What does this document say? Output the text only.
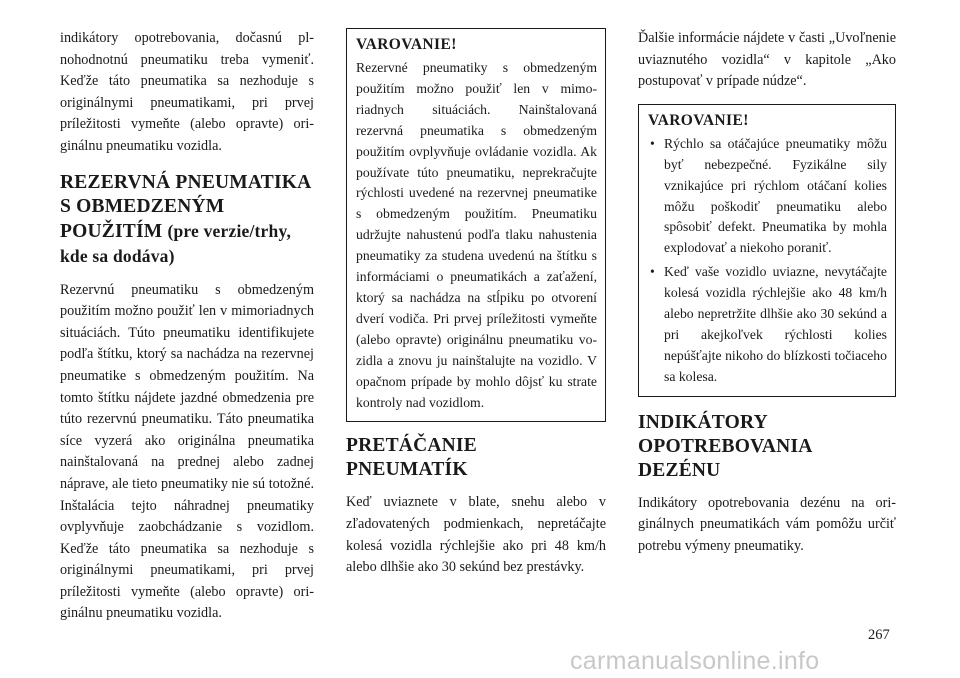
indikátory opotrebovania, dočasnú plnohodnotnú pneumatiku treba vymeniť. Keďže táto pneumatika sa nezhoduje s originálnymi pneumatikami, pri prvej príležitosti vymeňte (alebo opravte) originálnu pneumatiku vozidla.

REZERVNÁ PNEUMATIKA
S OBMEDZENÝM
POUŽITÍM (pre verzie/trhy, kde sa dodáva)

Rezervnú pneumatiku s obmedzeným použitím možno použiť len v mimoriadnych situáciách. Túto pneumatiku identifikujete podľa štítku, ktorý sa nachádza na rezervnej pneumatike s obmedzeným použitím. Na tomto štítku nájdete jazdné obmedzenia pre túto rezervnú pneumatiku. Táto pneumatika síce vyzerá ako originálna pneumatika nainštalovaná na prednej alebo zadnej náprave, ale tieto pneumatiky nie sú totožné. Inštalácia tejto náhradnej pneumatiky ovplyvňuje zaobchádzanie s vozidlom. Keďže táto pneumatika sa nezhoduje s originálnymi pneumatikami, pri prvej príležitosti vymeňte (alebo opravte) originálnu pneumatiku vozidla.

VAROVANIE!

Rezervné pneumatiky s obmedzeným použitím možno použiť len v mimoriadnych situáciách. Nainštalovaná rezervná pneumatika s obmedzeným použitím ovplyvňuje ovládanie vozidla. Ak používate túto pneumatiku, neprekračujte rýchlosti uvedené na rezervnej pneumatike s obmedzeným použitím. Pneumatiku udržujte nahustenú podľa tlaku nahustenia pneumatiky za studena uvedenú na štítku s informáciami o pneumatikách a zaťažení, ktorý sa nachádza na stĺpiku po otvorení dverí vodiča. Pri prvej príležitosti vymeňte (alebo opravte) originálnu pneumatiku vozidla a znovu ju nainštalujte na vozidlo. V opačnom prípade by mohlo dôjsť ku strate kontroly nad vozidlom.

PRETÁČANIE
PNEUMATÍK

Keď uviaznete v blate, snehu alebo v zľadovatených podmienkach, nepretáčajte kolesá vozidla rýchlejšie ako pri 48 km/h alebo dlhšie ako 30 sekúnd bez prestávky.

Ďalšie informácie nájdete v časti „Uvoľnenie uviaznutého vozidla“ v kapitole „Ako postupovať v prípade núdze“.

VAROVANIE!
• Rýchlo sa otáčajúce pneumatiky môžu byť nebezpečné. Fyzikálne sily vznikajúce pri rýchlom otáčaní kolies môžu poškodiť pneumatiku alebo spôsobiť defekt. Pneumatika by mohla explodovať a niekoho poraniť.
• Keď vaše vozidlo uviazne, nevytáčajte kolesá vozidla rýchlejšie ako 48 km/h alebo nepretržite dlhšie ako 30 sekúnd a pri akejkoľvek rýchlosti kolies nepúšťajte nikoho do blízkosti točiaceho sa kolesa.
INDIKÁTORY
OPOTREBOVANIA
DEZÉNU

Indikátory opotrebovania dezénu na originálnych pneumatikách vám pomôžu určiť potrebu výmeny pneumatiky.

267
carmanualsonline.info
